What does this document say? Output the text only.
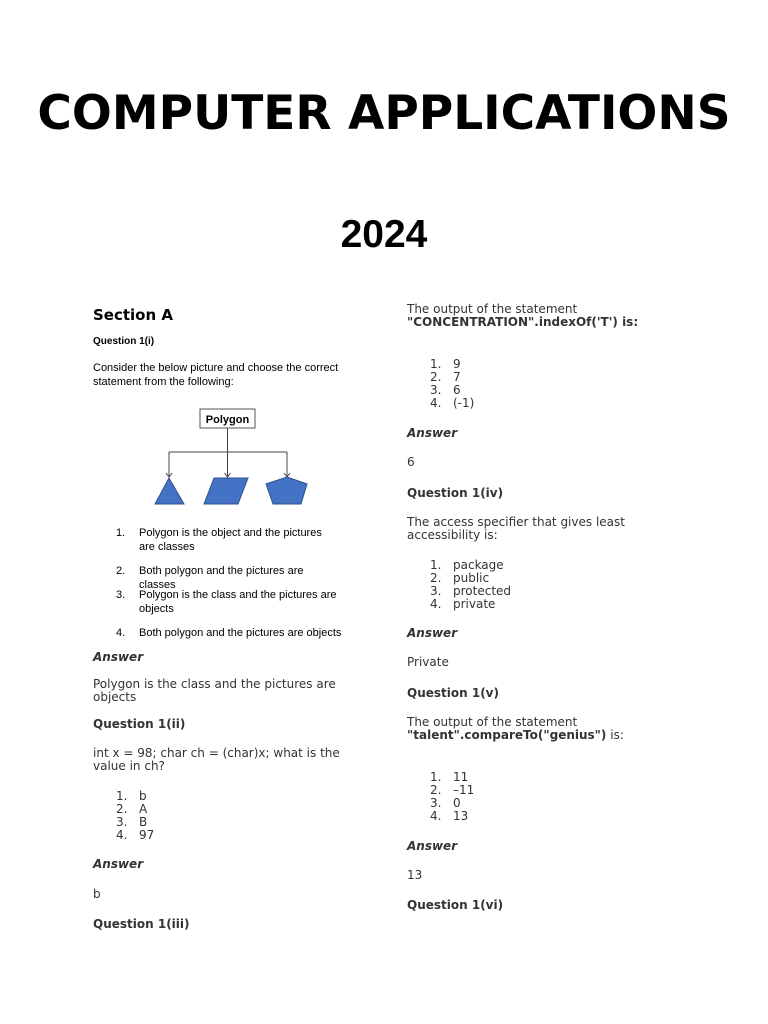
COMPUTER APPLICATIONS
2024
Section A
Question 1(i)
Consider the below picture and choose the correct statement from the following:
Polygon
1. Polygon is the object and the pictures are classes
2. Both polygon and the pictures are classes
3. Polygon is the class and the pictures are objects
4. Both polygon and the pictures are objects
Answer
Polygon is the class and the pictures are objects
Question 1(ii)
int x = 98; char ch = (char)x; what is the value in ch?
1. b
2. A
3. B
4. 97
Answer
b
Question 1(iii)
The output of the statement "CONCENTRATION".indexOf('T') is:
1. 9
2. 7
3. 6
4. (-1)
Answer
6
Question 1(iv)
The access specifier that gives least accessibility is:
1. package
2. public
3. protected
4. private
Answer
Private
Question 1(v)
The output of the statement "talent".compareTo("genius") is:
1. 11
2. –11
3. 0
4. 13
Answer
13
Question 1(vi)
